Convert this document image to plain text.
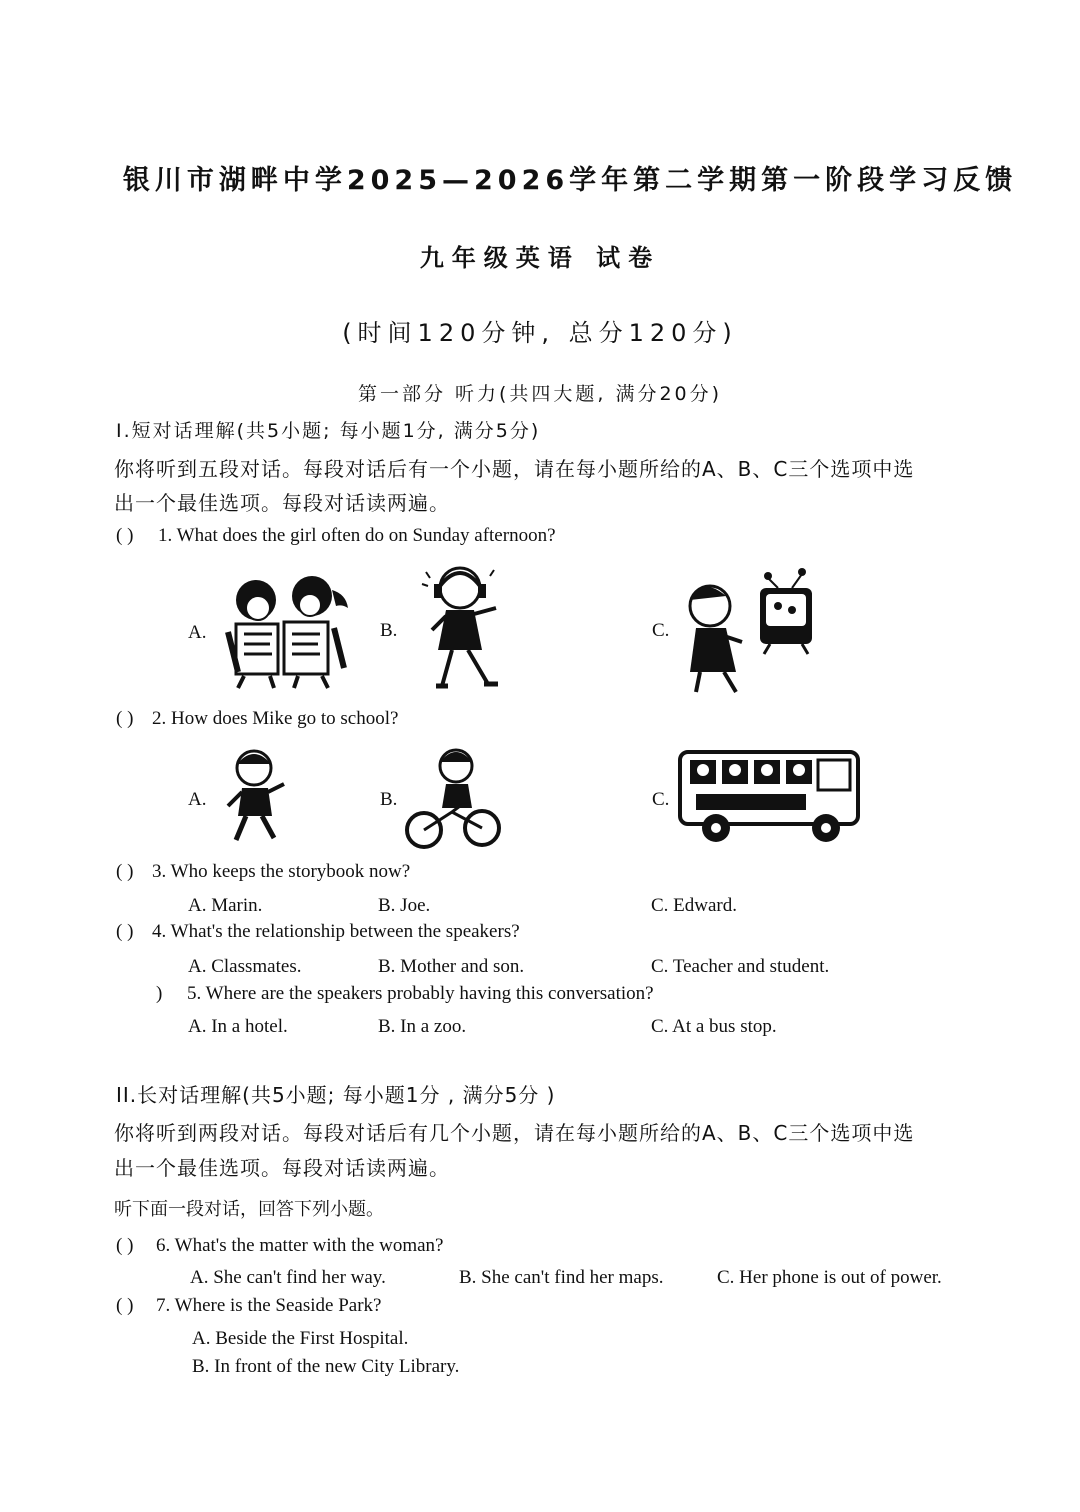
银川市湖畔中学2025—2026学年第二学期第一阶段学习反馈
九年级英语 试卷
(时间120分钟, 总分120分)
第一部分 听力(共四大题, 满分20分)
I.短对话理解(共5小题; 每小题1分, 满分5分)
你将听到五段对话。每段对话后有一个小题，请在每小题所给的A、B、C三个选项中选
出一个最佳选项。每段对话读两遍。
( ) 1. What does the girl often do on Sunday afternoon?
A.	B.	C.
( ) 2. How does Mike go to school?
A.	B.	C.
( ) 3. Who keeps the storybook now?
A. Marin.	B. Joe.	C. Edward.
( ) 4. What's the relationship between the speakers?
A. Classmates.	B. Mother and son.	C. Teacher and student.
) 5. Where are the speakers probably having this conversation?
A. In a hotel.	B. In a zoo.	C. At a bus stop.
II.长对话理解(共5小题; 每小题1分 , 满分5分 )
你将听到两段对话。每段对话后有几个小题，请在每小题所给的A、B、C三个选项中选
出一个最佳选项。每段对话读两遍。
听下面一段对话，回答下列小题。
( ) 6. What's the matter with the woman?
A. She can't find her way.	B. She can't find her maps.	C. Her phone is out of power.
( ) 7. Where is the Seaside Park?
A. Beside the First Hospital.
B. In front of the new City Library.
